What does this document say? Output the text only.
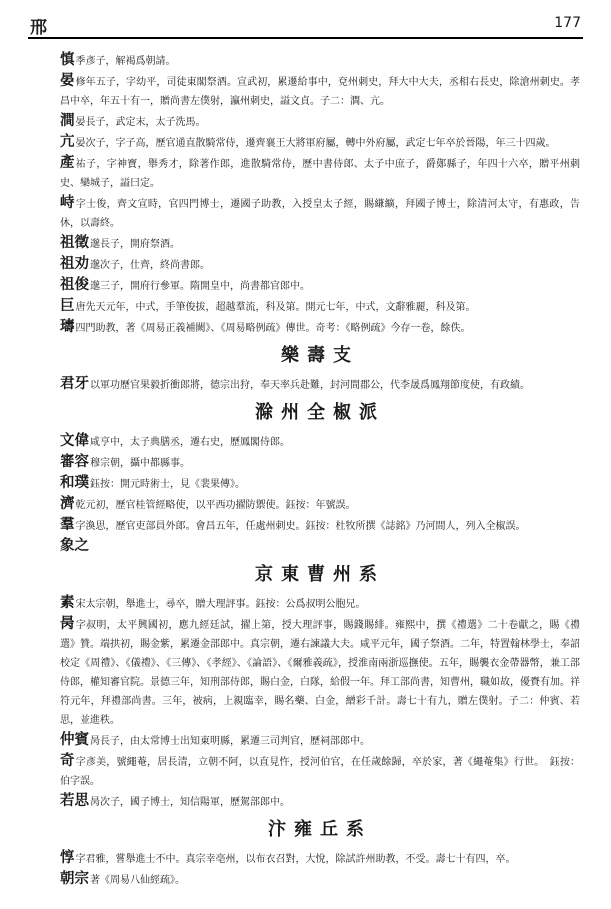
邢	177

慎季彥子，解褐爲朝請。

晏修年五子，字幼平，司徒東閣祭酒。宣武初，累遷給事中，兗州刺史，拜大中大夫，丞相右長史，除滄州刺史。孝昌中卒，年五十有一，贈尚書左僕射，瀛州刺史，謚文貞。子二：澗、亢。

澗晏長子，武定末，太子洗馬。

亢晏次子，字子高，歷官通直散騎常侍，遷齊襄王大將軍府屬，轉中外府屬，武定七年卒於晉陽，年三十四歲。

產祐子，字神寶，舉秀才，除著作郎，進散騎常侍，歷中書侍郎、太子中庶子，爵鄚縣子，年四十六卒，贈平州刺史、欒城子，謚曰定。

峙字士俊，齊文宣時，官四門博士，遷國子助教，入授皇太子經，賜縑纊，拜國子博士，除清河太守，有惠政，告休，以壽終。

祖徵邈長子，開府祭酒。

祖劝邈次子，仕齊，終尚書郎。

祖俊邈三子，開府行參軍。隋開皇中，尚書都官郎中。

巨唐先天元年，中式，手筆俊拔，超越羣流，科及第。開元七年，中式，文辭雅麗，科及第。

璹四門助教，著《周易正義補闕》、《周易略例疏》傳世。奇考：《略例疏》今存一卷，餘佚。

樂壽支

君牙以軍功歷官果毅折衝郎將，德宗出狩，奉天率兵赴難，封河間郡公，代李晟爲鳳翔節度使，有政績。

滁州全椒派

文偉咸亨中，太子典膳丞，遷右史，歷鳳閣侍郎。

審容穆宗朝，攝中都縣事。

和璞鈺按：開元時術士，見《裴果傳》。

濟乾元初，歷官桂管經略使，以平西功擢防禦使。鈺按：年號誤。

羣字渙思，歷官吏部員外郎。會昌五年，任處州刺史。鈺按：杜牧所撰《誌銘》乃河間人，列入全椒誤。

象之

京東曹州系

素宋太宗朝，舉進士，尋卒，贈大理評事。鈺按：公爲叔明公胞兄。

昺字叔明，太平興國初，應九經廷試，擢上第，授大理評事，賜錢賜緋。雍熙中，撰《禮選》二十卷獻之，賜《禮選》贊。端拱初，賜金紫，累遷金部郎中。真宗朝，遷右諫議大夫。咸平元年，國子祭酒。二年，特置翰林學士，奉詔校定《周禮》、《儀禮》、《三傳》、《孝經》、《論語》、《爾雅義疏》，授淮南兩浙巡撫使。五年，賜襲衣金帶器幣，兼工部侍郎，權知審官院。景德三年，知刑部侍郎，賜白金，白隊，給假一年。拜工部尚書，知曹州，職如故，優賚有加。祥符元年，拜禮部尚書。三年，被病，上親臨幸，賜名藥、白金，繒彩千計。壽七十有九，贈左僕射。子二：仲賓、若思，並進秩。

仲賓昺長子，由太常博士出知東明縣，累遷三司判官，歷祠部郎中。

奇字彥美，號繩菴，居長清，立朝不阿，以直見忤，授河伯官，在任歲餘歸，卒於家，著《繩菴集》行世。　鈺按：伯字誤。

若思昺次子，國子博士，知信陽軍，歷駕部郎中。

汴雍丘系

惇字君雅，嘗舉進士不中。真宗幸亳州，以布衣召對，大悅，除試許州助教，不受。壽七十有四，卒。

朝宗著《周易八仙經疏》。
